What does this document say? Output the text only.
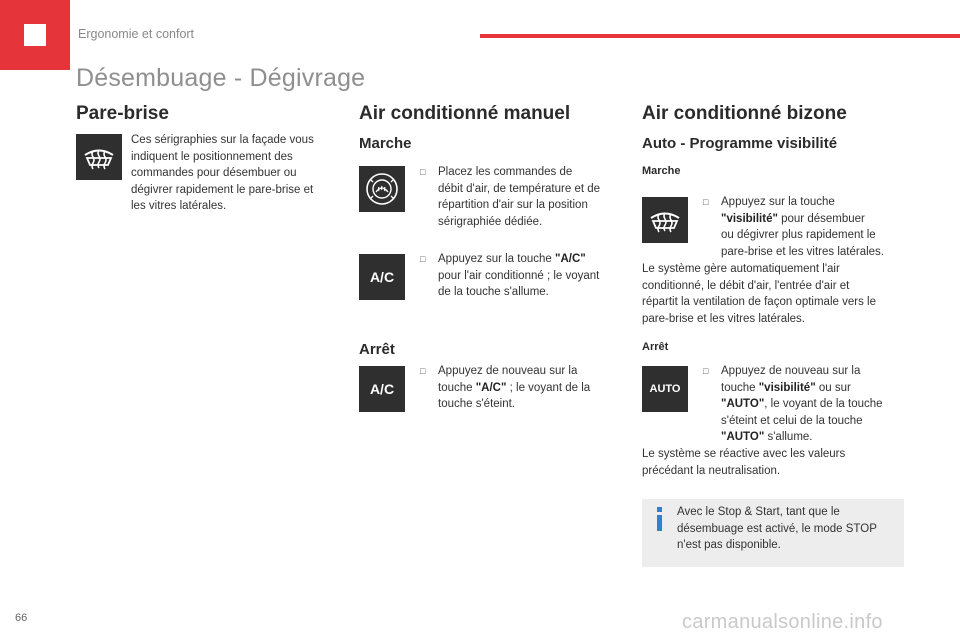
Ergonomie et confort
Désembuage - Dégivrage
Pare-brise
Ces sérigraphies sur la façade vous
indiquent le positionnement des
commandes pour désembuer ou
dégivrer rapidement le pare-brise et
les vitres latérales.
Air conditionné manuel
Marche
□ Placez les commandes de
débit d'air, de température et de
répartition d'air sur la position
sérigraphiée dédiée.
A/C
□ Appuyez sur la touche "A/C"
pour l'air conditionné ; le voyant
de la touche s'allume.
Arrêt
A/C
□ Appuyez de nouveau sur la
touche "A/C" ; le voyant de la
touche s'éteint.
Air conditionné bizone
Auto - Programme visibilité
Marche
□ Appuyez sur la touche
"visibilité" pour désembuer
ou dégivrer plus rapidement le
pare-brise et les vitres latérales.
Le système gère automatiquement l'air
conditionné, le débit d'air, l'entrée d'air et
répartit la ventilation de façon optimale vers le
pare-brise et les vitres latérales.
Arrêt
AUTO
□ Appuyez de nouveau sur la
touche "visibilité" ou sur
"AUTO", le voyant de la touche
s'éteint et celui de la touche
"AUTO" s'allume.
Le système se réactive avec les valeurs
précédant la neutralisation.
Avec le Stop & Start, tant que le
désembuage est activé, le mode STOP
n'est pas disponible.
66	carmanualsonline.info
